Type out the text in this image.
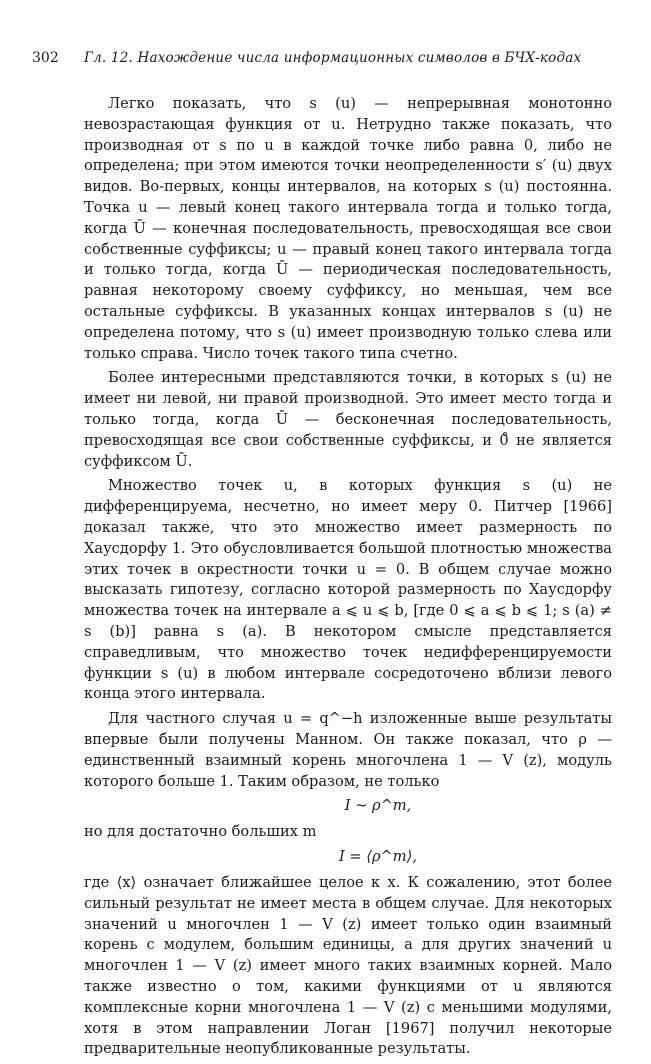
302	Гл. 12. Нахождение числа информационных символов в БЧХ-кодах

Легко показать, что s (u) — непрерывная монотонно невозрастающая функция от u. Нетрудно также показать, что производная от s по u в каждой точке либо равна 0, либо не определена; при этом имеются точки неопределенности s′ (u) двух видов. Во-первых, концы интервалов, на которых s (u) постоянна. Точка u — левый конец такого интервала тогда и только тогда, когда Ū — конечная последовательность, превосходящая все свои собственные суффиксы; u — правый конец такого интервала тогда и только тогда, когда Ū — периодическая последовательность, равная некоторому своему суффиксу, но меньшая, чем все остальные суффиксы. В указанных концах интервалов s (u) не определена потому, что s (u) имеет производную только слева или только справа. Число точек такого типа счетно.

Более интересными представляются точки, в которых s (u) не имеет ни левой, ни правой производной. Это имеет место тогда и только тогда, когда Ū — бесконечная последовательность, превосходящая все свои собственные суффиксы, и 0̊ не является суффиксом Ū.

Множество точек u, в которых функция s (u) не дифференцируема, несчетно, но имеет меру 0. Питчер [1966] доказал также, что это множество имеет размерность по Хаусдорфу 1. Это обусловливается большой плотностью множества этих точек в окрестности точки u = 0. В общем случае можно высказать гипотезу, согласно которой размерность по Хаусдорфу множества точек на интервале a ⩽ u ⩽ b, [где 0 ⩽ a ⩽ b ⩽ 1; s (a) ≠ s (b)] равна s (a). В некотором смысле представляется справедливым, что множество точек недифференцируемости функции s (u) в любом интервале сосредоточено вблизи левого конца этого интервала.

Для частного случая u = q^−h изложенные выше результаты впервые были получены Манном. Он также показал, что ρ — единственный взаимный корень многочлена 1 — V (z), модуль которого больше 1. Таким образом, не только

I ~ ρ^m,

но для достаточно больших m

I = ⟨ρ^m⟩,

где ⟨x⟩ означает ближайшее целое к x. К сожалению, этот более сильный результат не имеет места в общем случае. Для некоторых значений u многочлен 1 — V (z) имеет только один взаимный корень с модулем, большим единицы, а для других значений u многочлен 1 — V (z) имеет много таких взаимных корней. Мало также известно о том, какими функциями от u являются комплексные корни многочлена 1 — V (z) с меньшими модулями, хотя в этом направлении Логан [1967] получил некоторые предварительные неопубликованные результаты.
